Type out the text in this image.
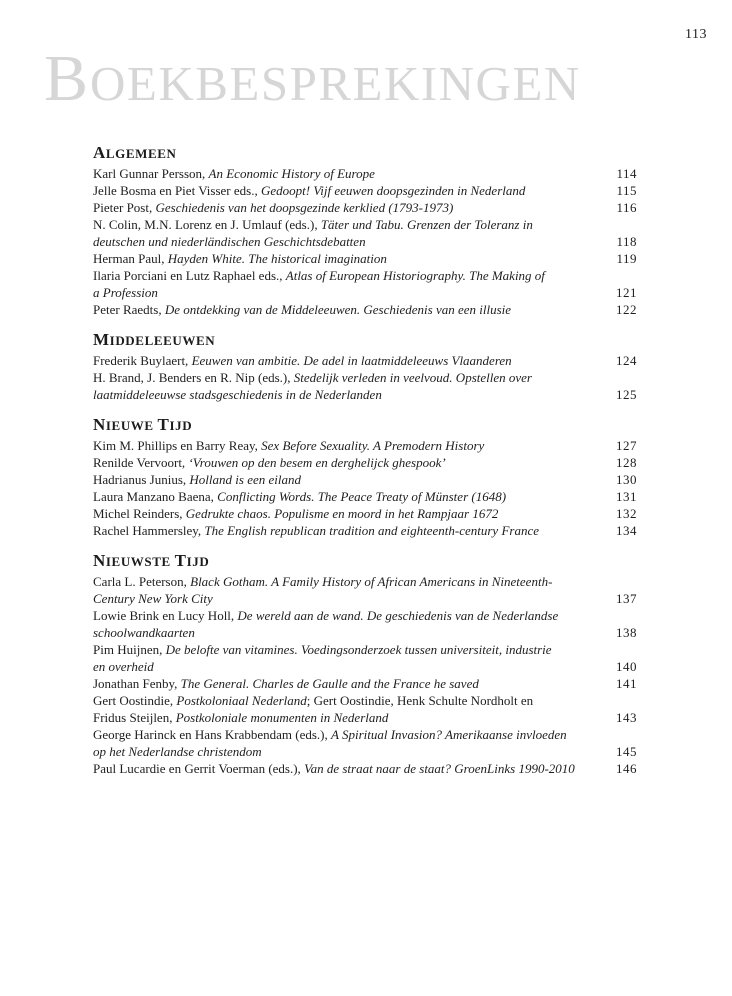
113
BOEKBESPREKINGEN
ALGEMEEN
Karl Gunnar Persson, An Economic History of Europe	114
Jelle Bosma en Piet Visser eds., Gedoopt! Vijf eeuwen doopsgezinden in Nederland	115
Pieter Post, Geschiedenis van het doopsgezinde kerklied (1793-1973)	116
N. Colin, M.N. Lorenz en J. Umlauf (eds.), Täter und Tabu. Grenzen der Toleranz in
deutschen und niederländischen Geschichtsdebatten	118
Herman Paul, Hayden White. The historical imagination	119
Ilaria Porciani en Lutz Raphael eds., Atlas of European Historiography. The Making of
a Profession	121
Peter Raedts, De ontdekking van de Middeleeuwen. Geschiedenis van een illusie	122
MIDDELEEUWEN
Frederik Buylaert, Eeuwen van ambitie. De adel in laatmiddeleeuws Vlaanderen	124
H. Brand, J. Benders en R. Nip (eds.), Stedelijk verleden in veelvoud. Opstellen over
laatmiddeleeuwse stadsgeschiedenis in de Nederlanden	125
NIEUWE TIJD
Kim M. Phillips en Barry Reay, Sex Before Sexuality. A Premodern History	127
Renilde Vervoort, ‘Vrouwen op den besem en derghelijck ghespook’	128
Hadrianus Junius, Holland is een eiland	130
Laura Manzano Baena, Conflicting Words. The Peace Treaty of Münster (1648)	131
Michel Reinders, Gedrukte chaos. Populisme en moord in het Rampjaar 1672	132
Rachel Hammersley, The English republican tradition and eighteenth-century France	134
NIEUWSTE TIJD
Carla L. Peterson, Black Gotham. A Family History of African Americans in Nineteenth-
Century New York City	137
Lowie Brink en Lucy Holl, De wereld aan de wand. De geschiedenis van de Nederlandse
schoolwandkaarten	138
Pim Huijnen, De belofte van vitamines. Voedingsonderzoek tussen universiteit, industrie
en overheid	140
Jonathan Fenby, The General. Charles de Gaulle and the France he saved	141
Gert Oostindie, Postkoloniaal Nederland; Gert Oostindie, Henk Schulte Nordholt en
Fridus Steijlen, Postkoloniale monumenten in Nederland	143
George Harinck en Hans Krabbendam (eds.), A Spiritual Invasion? Amerikaanse invloeden
op het Nederlandse christendom	145
Paul Lucardie en Gerrit Voerman (eds.), Van de straat naar de staat? GroenLinks 1990-2010	146
